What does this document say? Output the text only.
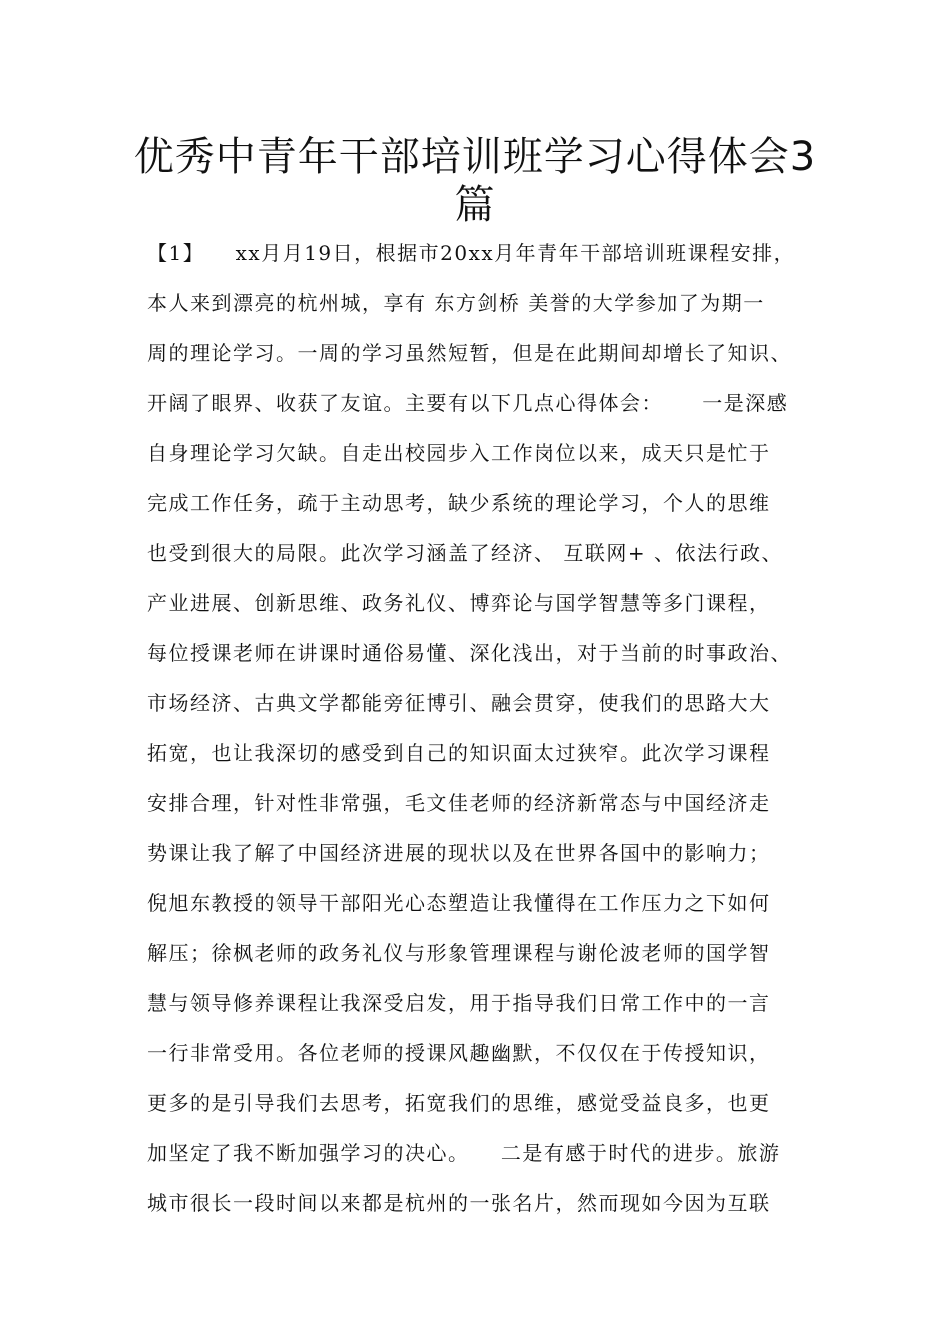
优秀中青年干部培训班学习心得体会3
篇
【1】    xx月月19日，根据市20xx月年青年干部培训班课程安排，
本人来到漂亮的杭州城，享有 东方剑桥 美誉的大学参加了为期一
周的理论学习。一周的学习虽然短暂，但是在此期间却增长了知识、
开阔了眼界、收获了友谊。主要有以下几点心得体会：     一是深感
自身理论学习欠缺。自走出校园步入工作岗位以来，成天只是忙于
完成工作任务，疏于主动思考，缺少系统的理论学习，个人的思维
也受到很大的局限。此次学习涵盖了经济、 互联网+ 、依法行政、
产业进展、创新思维、政务礼仪、博弈论与国学智慧等多门课程，
每位授课老师在讲课时通俗易懂、深化浅出，对于当前的时事政治、
市场经济、古典文学都能旁征博引、融会贯穿，使我们的思路大大
拓宽，也让我深切的感受到自己的知识面太过狭窄。此次学习课程
安排合理，针对性非常强，毛文佳老师的经济新常态与中国经济走
势课让我了解了中国经济进展的现状以及在世界各国中的影响力；
倪旭东教授的领导干部阳光心态塑造让我懂得在工作压力之下如何
解压；徐枫老师的政务礼仪与形象管理课程与谢伦波老师的国学智
慧与领导修养课程让我深受启发，用于指导我们日常工作中的一言
一行非常受用。各位老师的授课风趣幽默，不仅仅在于传授知识，
更多的是引导我们去思考，拓宽我们的思维，感觉受益良多，也更
加坚定了我不断加强学习的决心。    二是有感于时代的进步。旅游
城市很长一段时间以来都是杭州的一张名片，然而现如今因为互联
